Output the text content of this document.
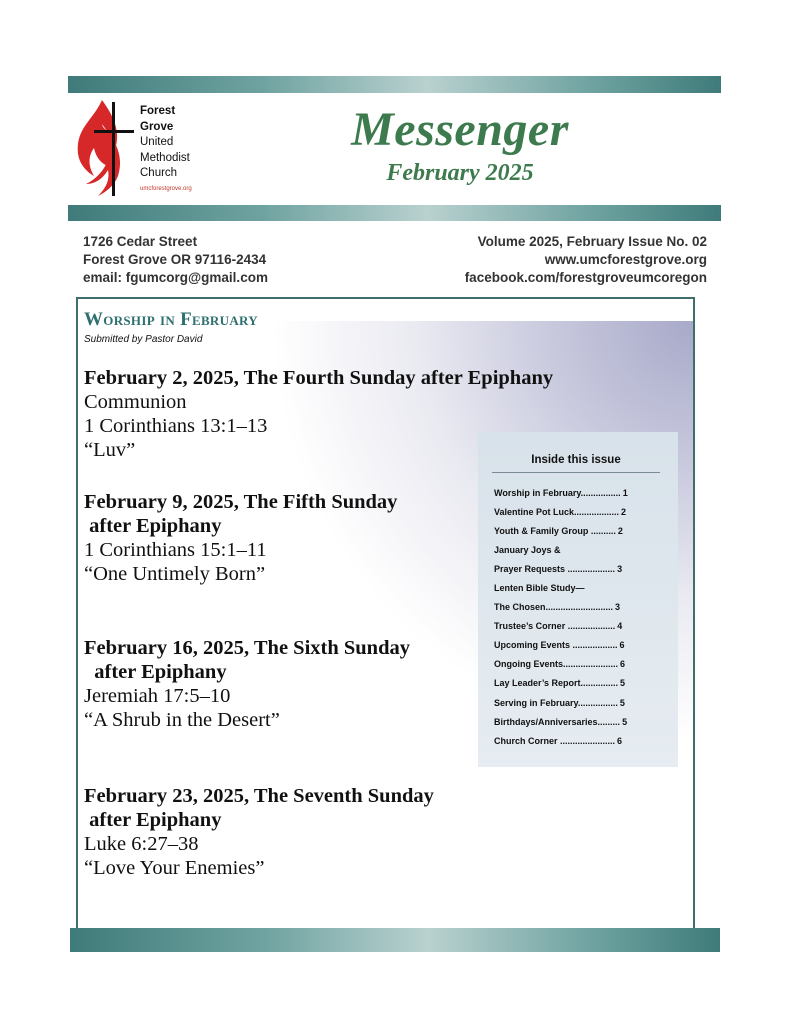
Forest
Grove
United
Methodist
Church
umcforestgrove.org
Messenger
February 2025
1726 Cedar Street
Forest Grove OR 97116-2434
email: fgumcorg@gmail.com
Volume 2025, February Issue No. 02
www.umcforestgrove.org
facebook.com/forestgroveumcoregon
Worship in February
Submitted by Pastor David
February 2, 2025, The Fourth Sunday after Epiphany
Communion
1 Corinthians 13:1–13
“Luv”
February 9, 2025, The Fifth Sunday
after Epiphany
1 Corinthians 15:1–11
“One Untimely Born”
February 16, 2025, The Sixth Sunday
after Epiphany
Jeremiah 17:5–10
“A Shrub in the Desert”
February 23, 2025, The Seventh Sunday
after Epiphany
Luke 6:27–38
“Love Your Enemies”
Inside this issue
Worship in February................ 1
Valentine Pot Luck.................. 2
Youth & Family Group .......... 2
January Joys &
Prayer Requests ................... 3
Lenten Bible Study—
The Chosen........................... 3
Trustee’s Corner ................... 4
Upcoming Events .................. 6
Ongoing Events...................... 6
Lay Leader’s Report............... 5
Serving in February................ 5
Birthdays/Anniversaries......... 5
Church Corner ...................... 6
